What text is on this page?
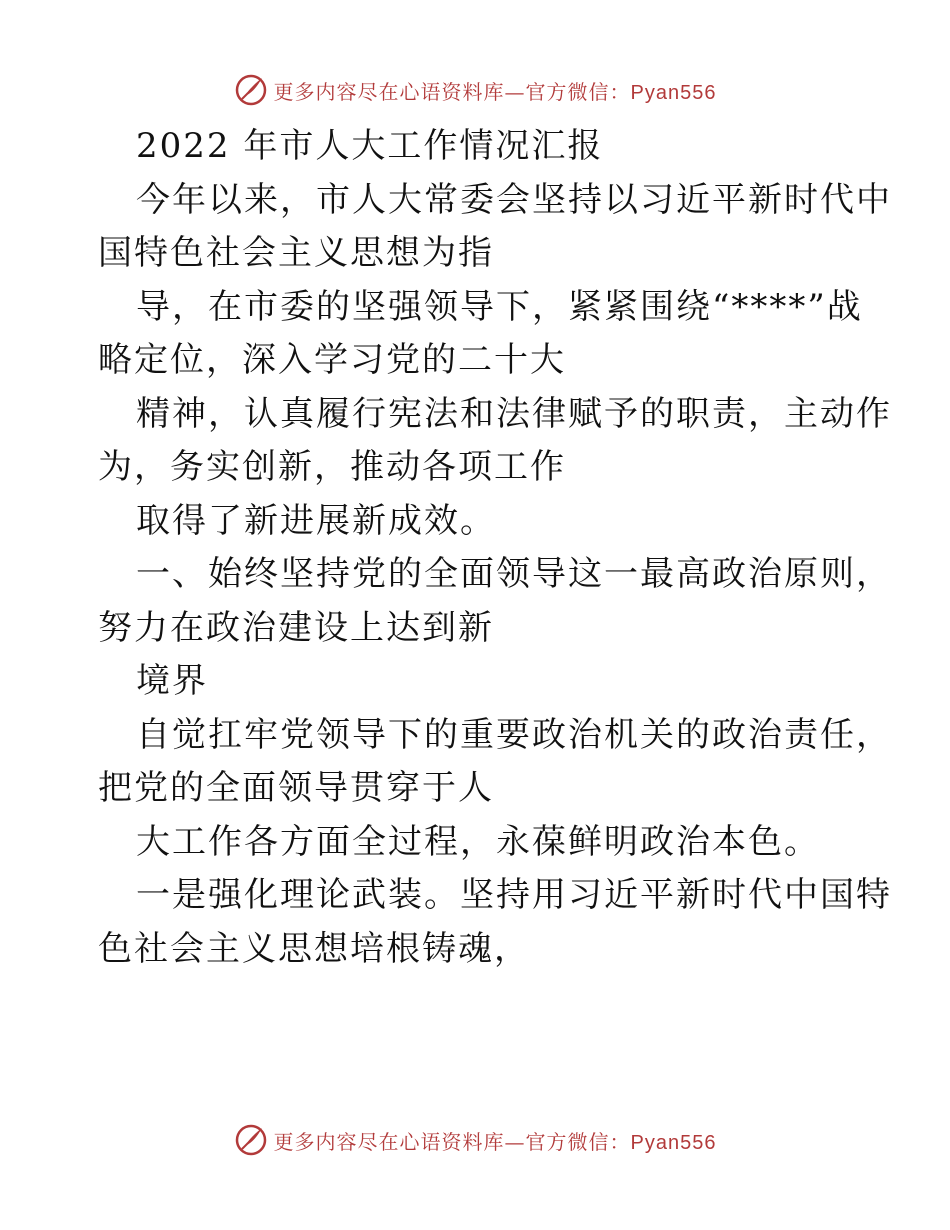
更多内容尽在心语资料库—官方微信：Pyan556
2022 年市人大工作情况汇报
今年以来，市人大常委会坚持以习近平新时代中
国特色社会主义思想为指
导，在市委的坚强领导下，紧紧围绕“****”战
略定位，深入学习党的二十大
精神，认真履行宪法和法律赋予的职责，主动作
为，务实创新，推动各项工作
取得了新进展新成效。
一、始终坚持党的全面领导这一最高政治原则，
努力在政治建设上达到新
境界
自觉扛牢党领导下的重要政治机关的政治责任，
把党的全面领导贯穿于人
大工作各方面全过程，永葆鲜明政治本色。
一是强化理论武装。坚持用习近平新时代中国特
色社会主义思想培根铸魂，
更多内容尽在心语资料库—官方微信：Pyan556
